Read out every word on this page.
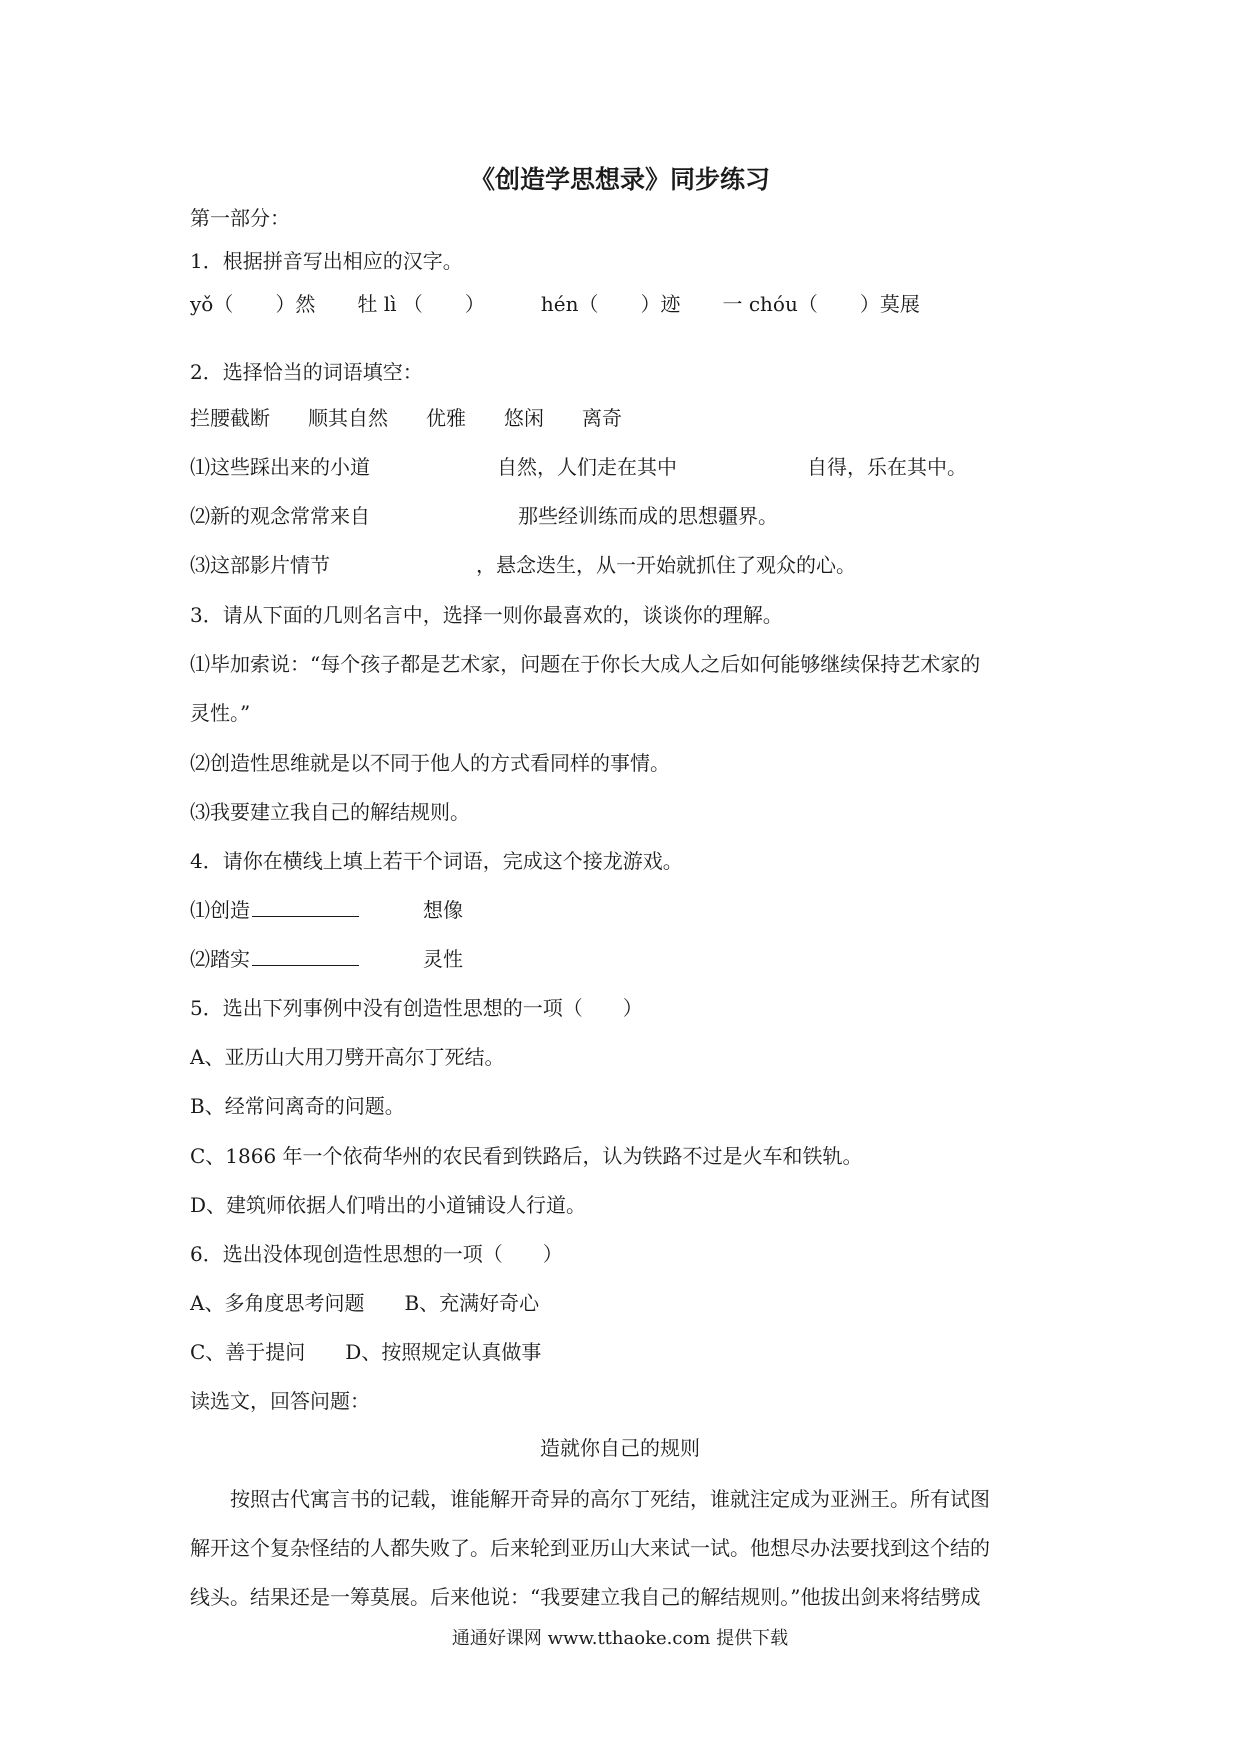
《创造学思想录》同步练习
第一部分：
1．根据拼音写出相应的汉字。
yǒ（ ）然 牡 lì （ ）	hén（ ）迹 一 chóu（ ）莫展
2．选择恰当的词语填空：
拦腰截断 顺其自然 优雅 悠闲 离奇
⑴这些踩出来的小道	自然，人们走在其中	自得，乐在其中。
⑵新的观念常常来自	那些经训练而成的思想疆界。
⑶这部影片情节	，悬念迭生，从一开始就抓住了观众的心。
3．请从下面的几则名言中，选择一则你最喜欢的，谈谈你的理解。
⑴毕加索说：“每个孩子都是艺术家，问题在于你长大成人之后如何能够继续保持艺术家的
灵性。”
⑵创造性思维就是以不同于他人的方式看同样的事情。
⑶我要建立我自己的解结规则。
4．请你在横线上填上若干个词语，完成这个接龙游戏。
⑴创造	想像
⑵踏实	灵性
5．选出下列事例中没有创造性思想的一项（　　）
A、亚历山大用刀劈开高尔丁死结。
B、经常问离奇的问题。
C、1866 年一个依荷华州的农民看到铁路后，认为铁路不过是火车和铁轨。
D、建筑师依据人们啃出的小道铺设人行道。
6．选出没体现创造性思想的一项（　　）
A、多角度思考问题　　B、充满好奇心
C、善于提问　　D、按照规定认真做事
读选文，回答问题：
造就你自己的规则
　　按照古代寓言书的记载，谁能解开奇异的高尔丁死结，谁就注定成为亚洲王。所有试图
解开这个复杂怪结的人都失败了。后来轮到亚历山大来试一试。他想尽办法要找到这个结的
线头。结果还是一筹莫展。后来他说：“我要建立我自己的解结规则。”他拔出剑来将结劈成
通通好课网 www.tthaoke.com 提供下载
